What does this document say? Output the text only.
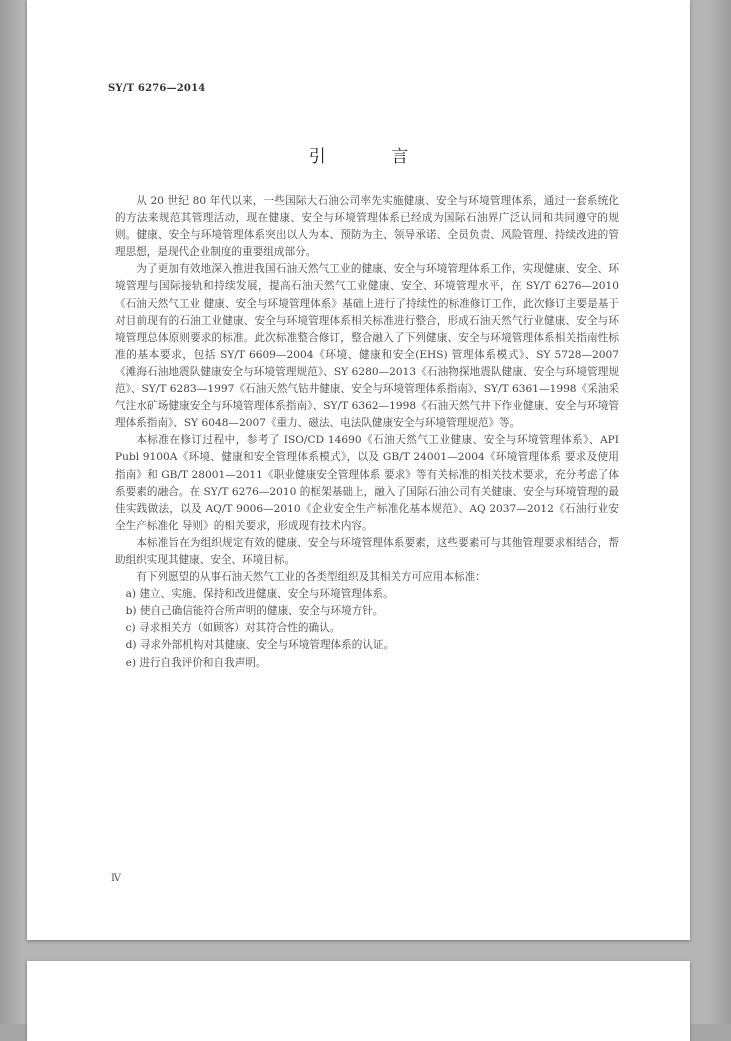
SY/T 6276—2014
引 言

从 20 世纪 80 年代以来，一些国际大石油公司率先实施健康、安全与环境管理体系，通过一套系统化的方法来规范其管理活动，现在健康、安全与环境管理体系已经成为国际石油界广泛认同和共同遵守的规则。健康、安全与环境管理体系突出以人为本、预防为主、领导承诺、全员负责、风险管理、持续改进的管理思想，是现代企业制度的重要组成部分。

为了更加有效地深入推进我国石油天然气工业的健康、安全与环境管理体系工作，实现健康、安全、环境管理与国际接轨和持续发展，提高石油天然气工业健康、安全、环境管理水平，在 SY/T 6276—2010《石油天然气工业 健康、安全与环境管理体系》基础上进行了持续性的标准修订工作，此次修订主要是基于对目前现有的石油工业健康、安全与环境管理体系相关标准进行整合，形成石油天然气行业健康、安全与环境管理总体原则要求的标准。此次标准整合修订，整合融入了下列健康、安全与环境管理体系相关指南性标准的基本要求，包括 SY/T 6609—2004《环境、健康和安全(EHS) 管理体系模式》、SY 5728—2007《滩海石油地震队健康安全与环境管理规范》、SY 6280—2013《石油物探地震队健康、安全与环境管理规范》、SY/T 6283—1997《石油天然气钻井健康、安全与环境管理体系指南》、SY/T 6361—1998《采油采气注水矿场健康安全与环境管理体系指南》、SY/T 6362—1998《石油天然气井下作业健康、安全与环境管理体系指南》、SY 6048—2007《重力、磁法、电法队健康安全与环境管理规范》等。

本标准在修订过程中，参考了 ISO/CD 14690《石油天然气工业健康、安全与环境管理体系》、API Publ 9100A《环境、健康和安全管理体系模式》，以及 GB/T 24001—2004《环境管理体系 要求及使用指南》和 GB/T 28001—2011《职业健康安全管理体系 要求》等有关标准的相关技术要求，充分考虑了体系要素的融合。在 SY/T 6276—2010 的框架基础上，融入了国际石油公司有关健康、安全与环境管理的最佳实践做法，以及 AQ/T 9006—2010《企业安全生产标准化基本规范》、AQ 2037—2012《石油行业安全生产标准化 导则》的相关要求，形成现有技术内容。

本标准旨在为组织规定有效的健康、安全与环境管理体系要素，这些要素可与其他管理要求相结合，帮助组织实现其健康、安全、环境目标。

有下列愿望的从事石油天然气工业的各类型组织及其相关方可应用本标准：

a) 建立、实施、保持和改进健康、安全与环境管理体系。

b) 使自己确信能符合所声明的健康、安全与环境方针。

c) 寻求相关方（如顾客）对其符合性的确认。

d) 寻求外部机构对其健康、安全与环境管理体系的认证。

e) 进行自我评价和自我声明。

Ⅳ
